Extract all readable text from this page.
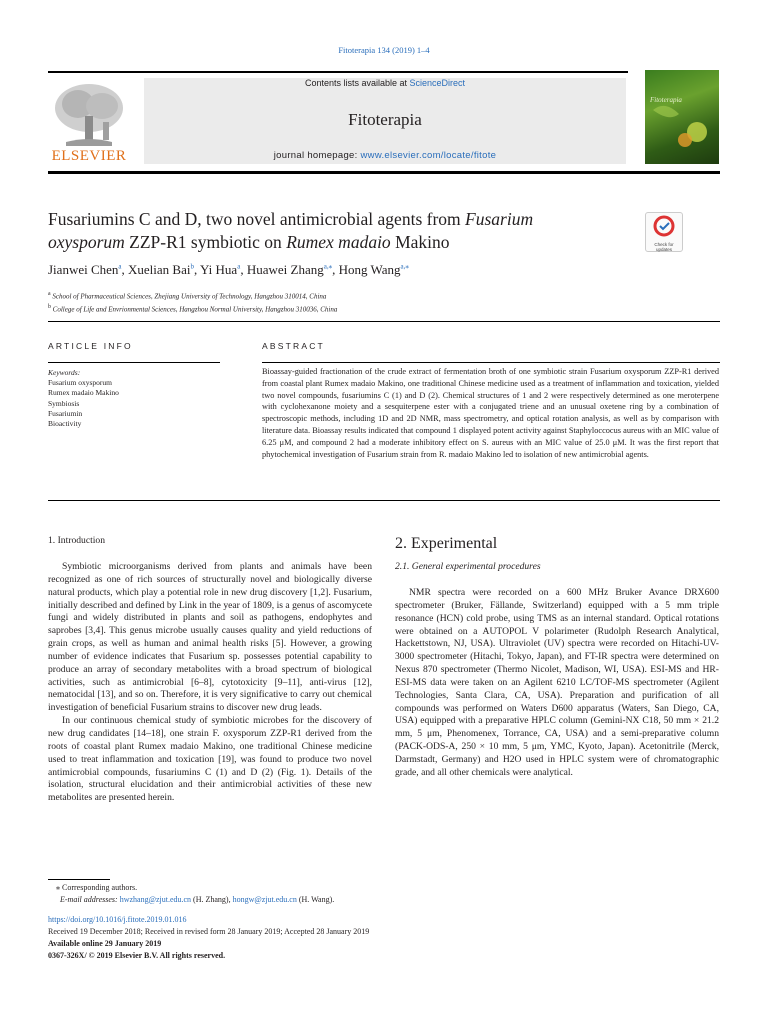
Fitoterapia 134 (2019) 1–4
ELSEVIER
Contents lists available at ScienceDirect
Fitoterapia
journal homepage: www.elsevier.com/locate/fitote
Fitoterapia
Fusariumins C and D, two novel antimicrobial agents from Fusarium oxysporum ZZP-R1 symbiotic on Rumex madaio Makino	Check for updates
Jianwei Chen$^a$, Xuelian Bai$^b$, Yi Hua$^a$, Huawei Zhang$^{a,⁎}$, Hong Wang$^{a,⁎}$
$^a$ School of Pharmaceutical Sciences, Zhejiang University of Technology, Hangzhou 310014, China
$^b$ College of Life and Envrionmental Sciences, Hangzhou Normal University, Hangzhou 310036, China
ARTICLE INFO	ABSTRACT
Keywords:
Fusarium oxysporum
Rumex madaio Makino
Symbiosis
Fusariumin
Bioactivity
Bioassay-guided fractionation of the crude extract of fermentation broth of one symbiotic strain Fusarium oxysporum ZZP-R1 derived from coastal plant Rumex madaio Makino, one traditional Chinese medicine used as a treatment of inflammation and toxication, yielded two novel compounds, fusariumins C (1) and D (2). Chemical structures of 1 and 2 were respectively determined as one meroterpene with cyclohexanone moiety and a sesquiterpene ester with a conjugated triene and an unusual oxetene ring by a combination of spectroscopic methods, including 1D and 2D NMR, mass spectrometry, and optical rotation analysis, as well as by comparison with literature data. Bioassay results indicated that compound 1 displayed potent activity against Staphyloccocus aureus with an MIC value of 6.25 μM, and compound 2 had a moderate inhibitory effect on S. aureus with an MIC value of 25.0 μM. It was the first report that phytochemical investigation of Fusarium strain from R. madaio Makino led to isolation of new antimicrobial agents.
1. Introduction

Symbiotic microorganisms derived from plants and animals have been recognized as one of rich sources of structurally novel and biologically diverse natural products, which play a potential role in new drug discovery [1,2]. Fusarium, initially described and defined by Link in the year of 1809, is a genus of ascomycete fungi and widely distributed in plants and soil as pathogens, endophytes and saprobes [3,4]. This genus microbe usually causes quality and yield reductions of grain crops, as well as human and animal health risks [5]. However, a growing number of evidence indicates that Fusarium sp. possesses potential capability to produce an array of secondary metabolites with a broad spectrum of biological activities, such as antimicrobial [6–8], cytotoxicity [9–11], anti-virus [12], nematocidal [13], and so on. Therefore, it is very significative to carry out chemical investigation of beneficial Fusarium strains to discover new drug leads.

In our continuous chemical study of symbiotic microbes for the discovery of new drug candidates [14–18], one strain F. oxysporum ZZP-R1 derived from the roots of coastal plant Rumex madaio Makino, one traditional Chinese medicine used to treat inflammation and toxication [19], was found to produce two novel antimicrobial compounds, fusariumins C (1) and D (2) (Fig. 1). Details of the isolation, structural elucidation and their antimicrobial activities of these new metabolites are presented herein.

2. Experimental
2.1. General experimental procedures

NMR spectra were recorded on a 600 MHz Bruker Avance DRX600 spectrometer (Bruker, Fällande, Switzerland) equipped with a 5 mm triple resonance (HCN) cold probe, using TMS as an internal standard. Optical rotations were obtained on a AUTOPOL V polarimeter (Rudolph Research Analytical, Hackettstown, NJ, USA). Ultraviolet (UV) spectra were recorded on Hitachi-UV-3000 spectrometer (Hitachi, Tokyo, Japan), and FT-IR spectra were determined on Nexus 870 spectrometer (Thermo Nicolet, Madison, WI, USA). ESI-MS and HR-ESI-MS data were taken on an Agilent 6210 LC/TOF-MS spectrometer (Agilent Technologies, Santa Clara, CA, USA). Preparation and purification of all compounds was performed on Waters D600 apparatus (Waters, San Diego, CA, USA) equipped with a preparative HPLC column (Gemini-NX C18, 50 mm × 21.2 mm, 5 μm, Phenomenex, Torrance, CA, USA) and a semi-preparative column (PACK-ODS-A, 250 × 10 mm, 5 μm, YMC, Kyoto, Japan). Acetonitrile (Merck, Darmstadt, Germany) and H2O used in HPLC system were of chromatographic grade, and all other chemicals were analytical.

⁎ Corresponding authors.
E-mail addresses: hwzhang@zjut.edu.cn (H. Zhang), hongw@zjut.edu.cn (H. Wang).
https://doi.org/10.1016/j.fitote.2019.01.016
Received 19 December 2018; Received in revised form 28 January 2019; Accepted 28 January 2019
Available online 29 January 2019
0367-326X/ © 2019 Elsevier B.V. All rights reserved.
